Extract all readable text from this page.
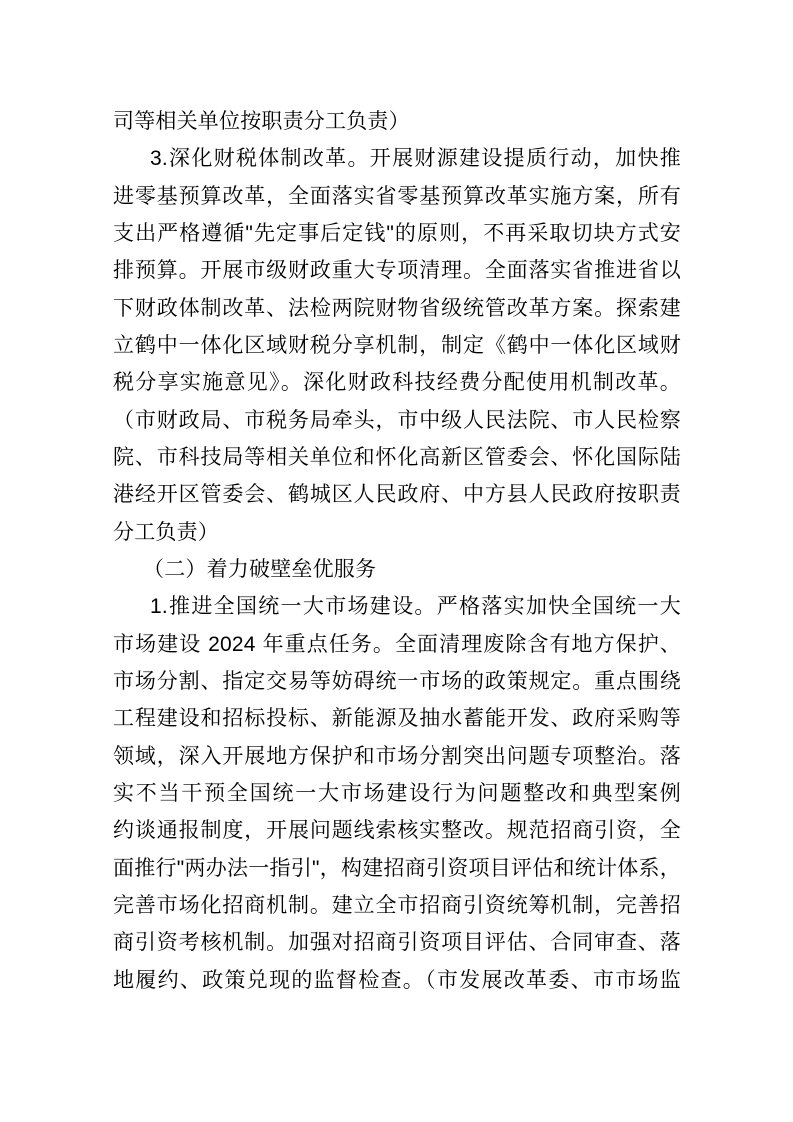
司等相关单位按职责分工负责）
3.深化财税体制改革。开展财源建设提质行动，加快推
进零基预算改革，全面落实省零基预算改革实施方案，所有
支出严格遵循"先定事后定钱"的原则，不再采取切块方式安
排预算。开展市级财政重大专项清理。全面落实省推进省以
下财政体制改革、法检两院财物省级统管改革方案。探索建
立鹤中一体化区域财税分享机制，制定《鹤中一体化区域财
税分享实施意见》。深化财政科技经费分配使用机制改革。
（市财政局、市税务局牵头，市中级人民法院、市人民检察
院、市科技局等相关单位和怀化高新区管委会、怀化国际陆
港经开区管委会、鹤城区人民政府、中方县人民政府按职责
分工负责）
（二）着力破壁垒优服务
1.推进全国统一大市场建设。严格落实加快全国统一大
市场建设 2024 年重点任务。全面清理废除含有地方保护、
市场分割、指定交易等妨碍统一市场的政策规定。重点围绕
工程建设和招标投标、新能源及抽水蓄能开发、政府采购等
领域，深入开展地方保护和市场分割突出问题专项整治。落
实不当干预全国统一大市场建设行为问题整改和典型案例
约谈通报制度，开展问题线索核实整改。规范招商引资，全
面推行"两办法一指引"，构建招商引资项目评估和统计体系，
完善市场化招商机制。建立全市招商引资统筹机制，完善招
商引资考核机制。加强对招商引资项目评估、合同审查、落
地履约、政策兑现的监督检查。（市发展改革委、市市场监
